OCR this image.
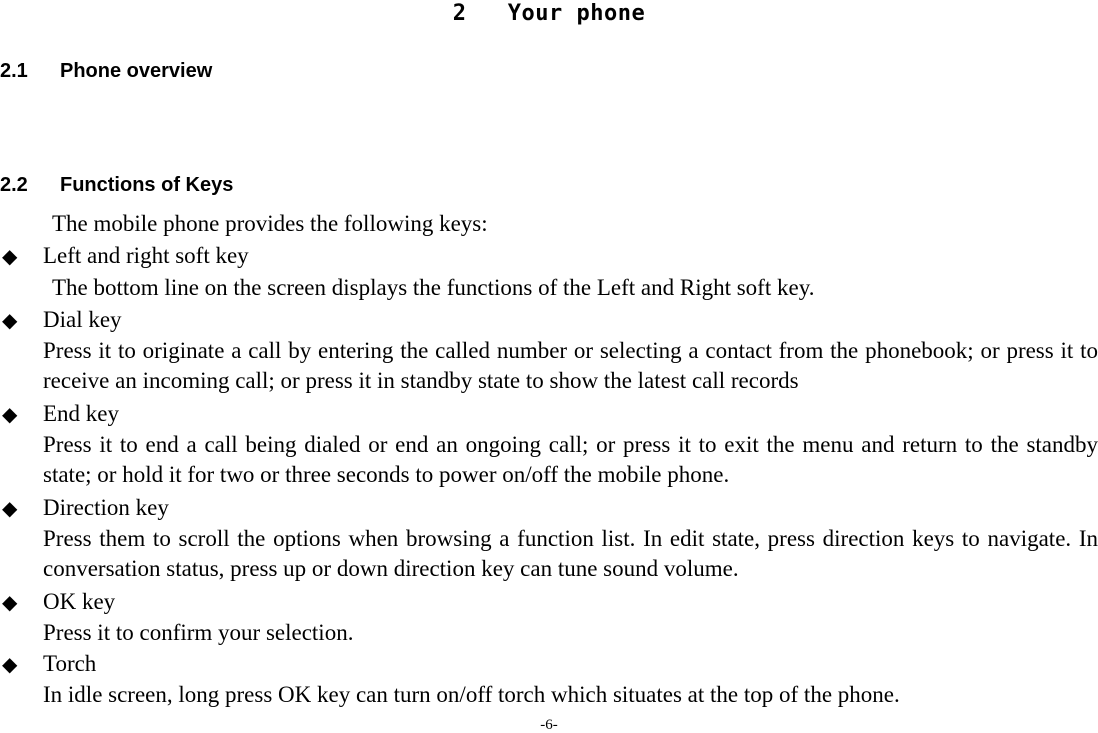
2   Your phone
2.1 Phone overview
2.2 Functions of Keys
The mobile phone provides the following keys:
◆ Left and right soft key
The bottom line on the screen displays the functions of the Left and Right soft key.
◆ Dial key
Press it to originate a call by entering the called number or selecting a contact from the phonebook; or press it to receive an incoming call; or press it in standby state to show the latest call records
◆ End key
Press it to end a call being dialed or end an ongoing call; or press it to exit the menu and return to the standby state; or hold it for two or three seconds to power on/off the mobile phone.
◆ Direction key
Press them to scroll the options when browsing a function list. In edit state, press direction keys to navigate. In conversation status, press up or down direction key can tune sound volume.
◆ OK key
Press it to confirm your selection.
◆ Torch
In idle screen, long press OK key can turn on/off torch which situates at the top of the phone.
-6-
